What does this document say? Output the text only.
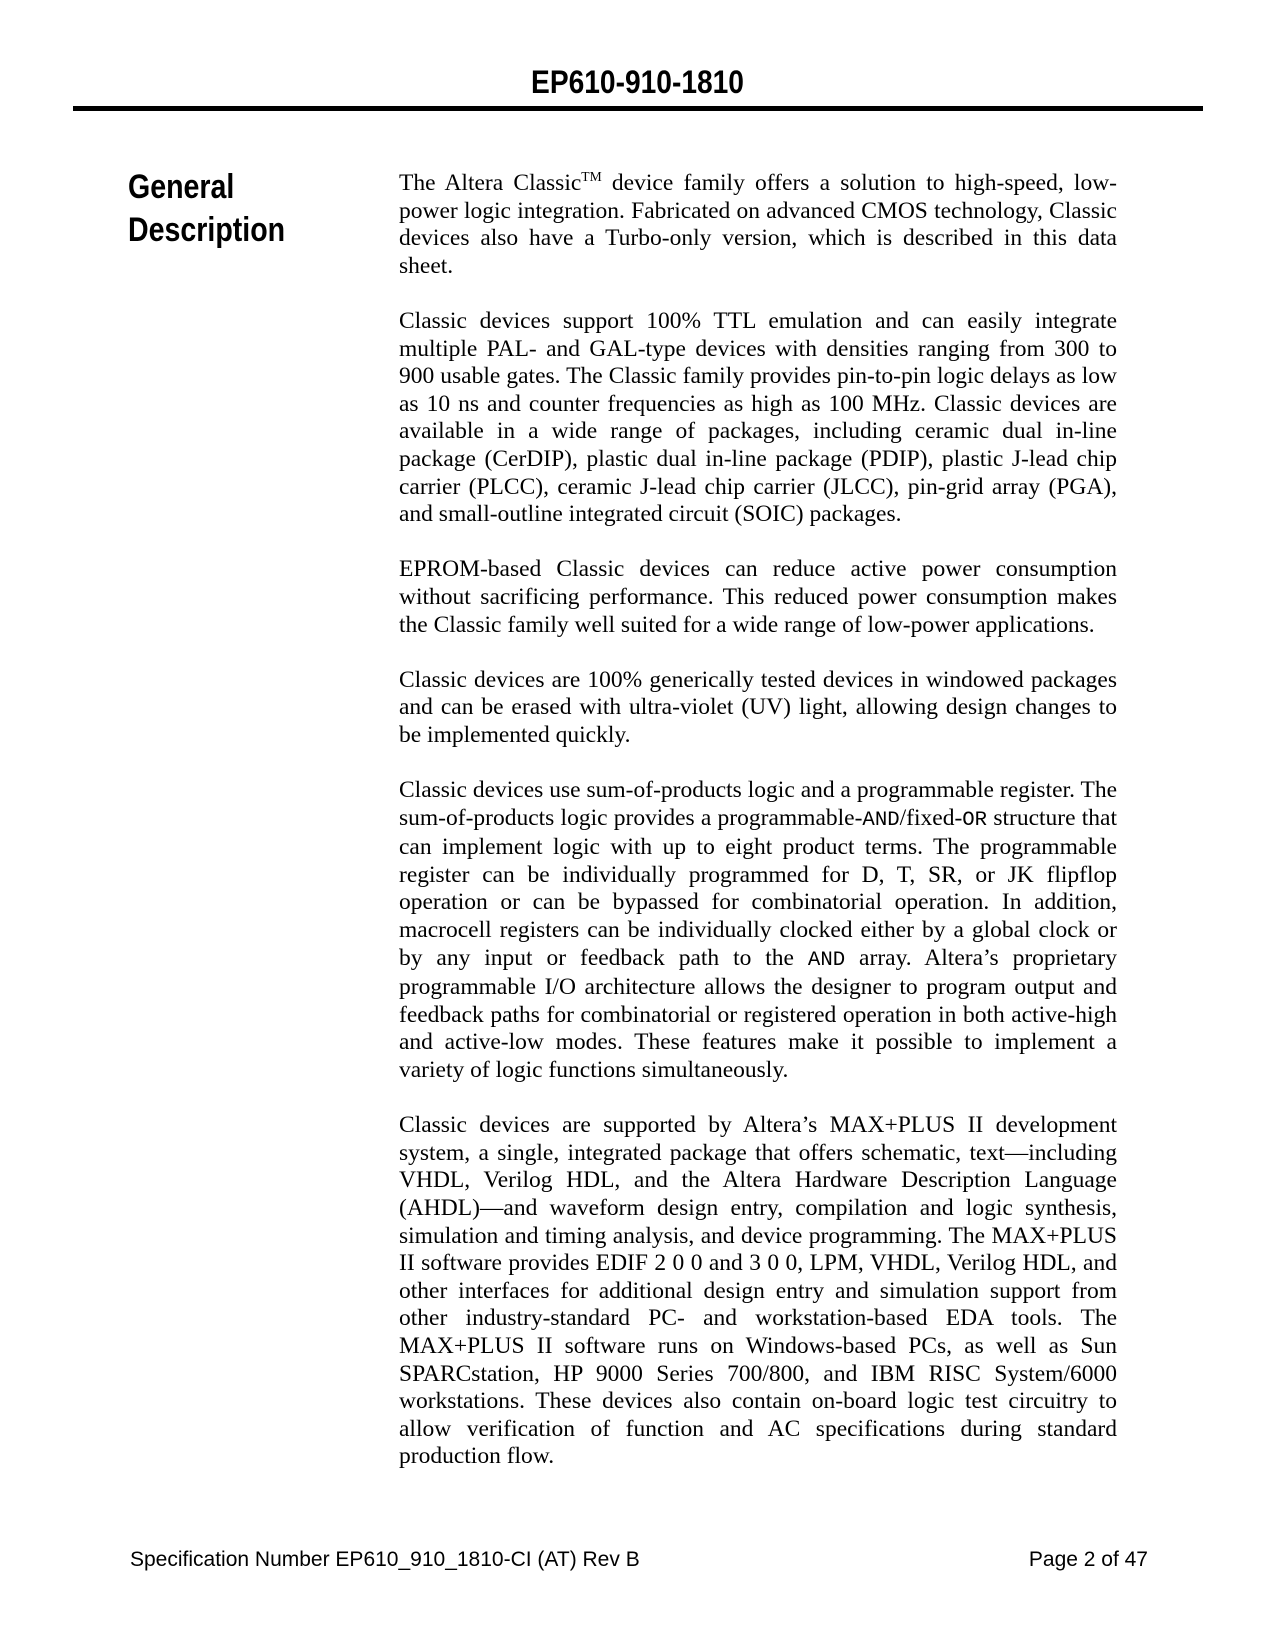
EP610-910-1810
General
Description

The Altera Classic™ device family offers a solution to high-speed, low-power logic integration. Fabricated on advanced CMOS technology, Classic devices also have a Turbo-only version, which is described in this data sheet.

Classic devices support 100% TTL emulation and can easily integrate multiple PAL- and GAL-type devices with densities ranging from 300 to 900 usable gates. The Classic family provides pin-to-pin logic delays as low as 10 ns and counter frequencies as high as 100 MHz. Classic devices are available in a wide range of packages, including ceramic dual in-line package (CerDIP), plastic dual in-line package (PDIP), plastic J-lead chip carrier (PLCC), ceramic J-lead chip carrier (JLCC), pin-grid array (PGA), and small-outline integrated circuit (SOIC) packages.

EPROM-based Classic devices can reduce active power consumption without sacrificing performance. This reduced power consumption makes the Classic family well suited for a wide range of low-power applications.

Classic devices are 100% generically tested devices in windowed packages and can be erased with ultra-violet (UV) light, allowing design changes to be implemented quickly.

Classic devices use sum-of-products logic and a programmable register. The sum-of-products logic provides a programmable-AND/fixed-OR structure that can implement logic with up to eight product terms. The programmable register can be individually programmed for D, T, SR, or JK flipflop operation or can be bypassed for combinatorial operation. In addition, macrocell registers can be individually clocked either by a global clock or by any input or feedback path to the AND array. Altera’s proprietary programmable I/O architecture allows the designer to program output and feedback paths for combinatorial or registered operation in both active-high and active-low modes. These features make it possible to implement a variety of logic functions simultaneously.

Classic devices are supported by Altera’s MAX+PLUS II development system, a single, integrated package that offers schematic, text—including VHDL, Verilog HDL, and the Altera Hardware Description Language (AHDL)—and waveform design entry, compilation and logic synthesis, simulation and timing analysis, and device programming. The MAX+PLUS II software provides EDIF 2 0 0 and 3 0 0, LPM, VHDL, Verilog HDL, and other interfaces for additional design entry and simulation support from other industry-standard PC- and workstation-based EDA tools. The MAX+PLUS II software runs on Windows-based PCs, as well as Sun SPARCstation, HP 9000 Series 700/800, and IBM RISC System/6000 workstations. These devices also contain on-board logic test circuitry to allow verification of function and AC specifications during standard production flow.

Specification Number EP610_910_1810-CI (AT) Rev B	Page 2 of 47
